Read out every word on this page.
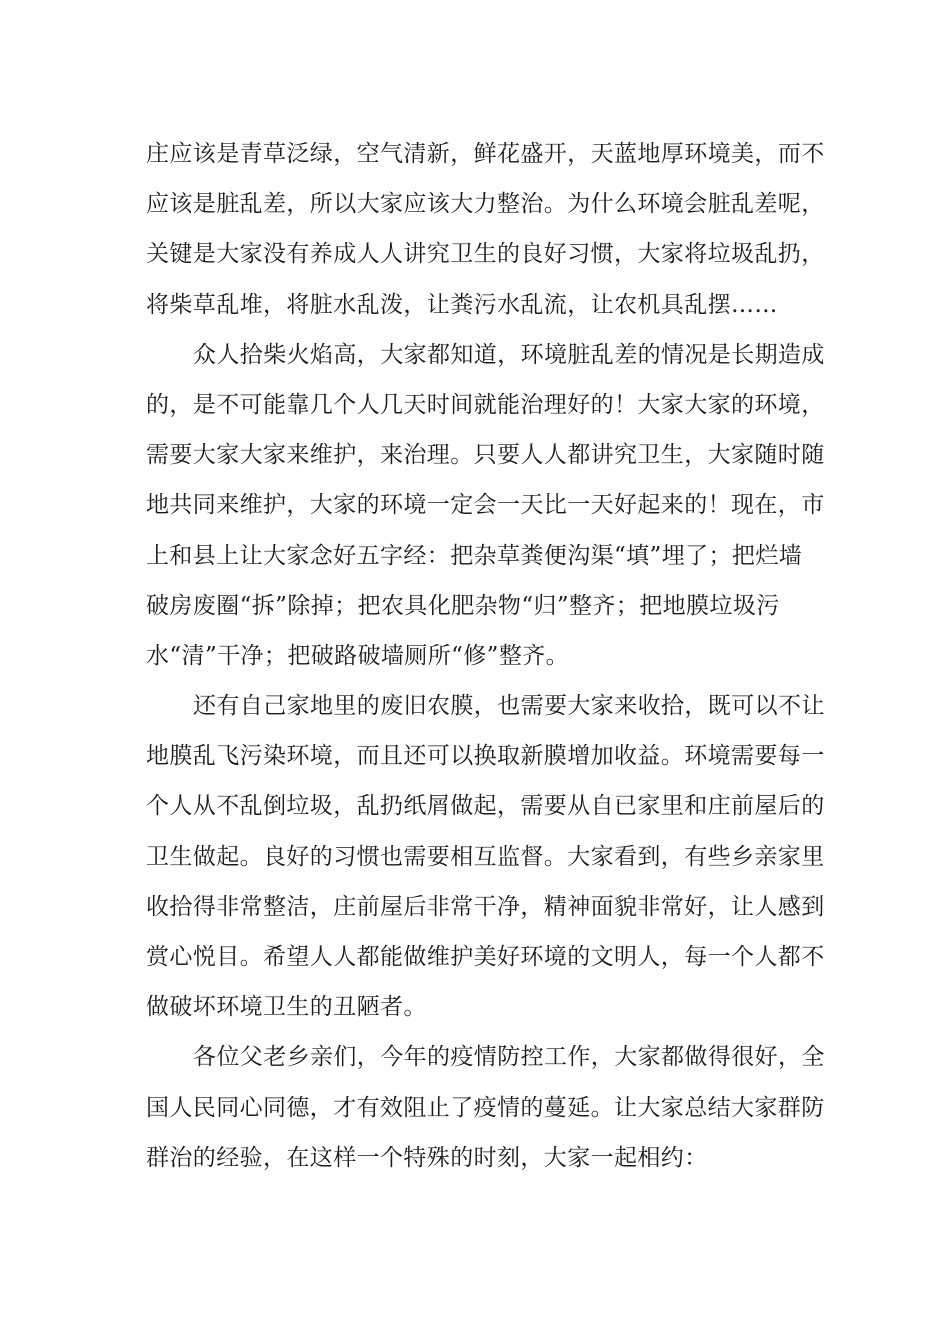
庄应该是青草泛绿，空气清新，鲜花盛开，天蓝地厚环境美，而不
应该是脏乱差，所以大家应该大力整治。为什么环境会脏乱差呢，
关键是大家没有养成人人讲究卫生的良好习惯，大家将垃圾乱扔，
将柴草乱堆，将脏水乱泼，让粪污水乱流，让农机具乱摆……
众人拾柴火焰高，大家都知道，环境脏乱差的情况是长期造成
的，是不可能靠几个人几天时间就能治理好的！大家大家的环境，
需要大家大家来维护，来治理。只要人人都讲究卫生，大家随时随
地共同来维护，大家的环境一定会一天比一天好起来的！现在，市
上和县上让大家念好五字经：把杂草粪便沟渠“填”埋了；把烂墙
破房废圈“拆”除掉；把农具化肥杂物“归”整齐；把地膜垃圾污
水“清”干净；把破路破墙厕所“修”整齐。
还有自己家地里的废旧农膜，也需要大家来收拾，既可以不让
地膜乱飞污染环境，而且还可以换取新膜增加收益。环境需要每一
个人从不乱倒垃圾，乱扔纸屑做起，需要从自已家里和庄前屋后的
卫生做起。良好的习惯也需要相互监督。大家看到，有些乡亲家里
收拾得非常整洁，庄前屋后非常干净，精神面貌非常好，让人感到
赏心悦目。希望人人都能做维护美好环境的文明人，每一个人都不
做破坏环境卫生的丑陋者。
各位父老乡亲们，今年的疫情防控工作，大家都做得很好，全
国人民同心同德，才有效阻止了疫情的蔓延。让大家总结大家群防
群治的经验，在这样一个特殊的时刻，大家一起相约：
